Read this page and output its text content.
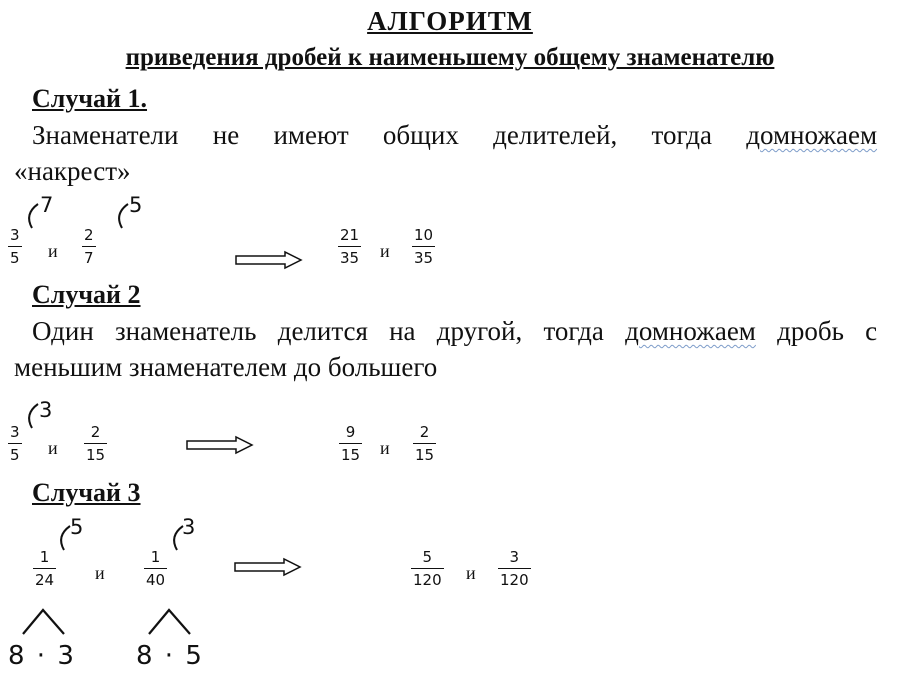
АЛГОРИТМ
приведения дробей к наименьшему общему знаменателю
Случай 1.
Знаменатели не имеют общих делителей, тогда домножаем
«накрест»
7	5
3
5 и
2
7
21
35 и
10
35
Случай 2
Один знаменатель делится на другой, тогда домножаем дробь с
меньшим знаменателем до большего
3
3
5 и
2
15
9
15 и
2
15
Случай 3
5	3
1
24 и
1
40
5
120 и
3
120
8 · 3 8 · 5
